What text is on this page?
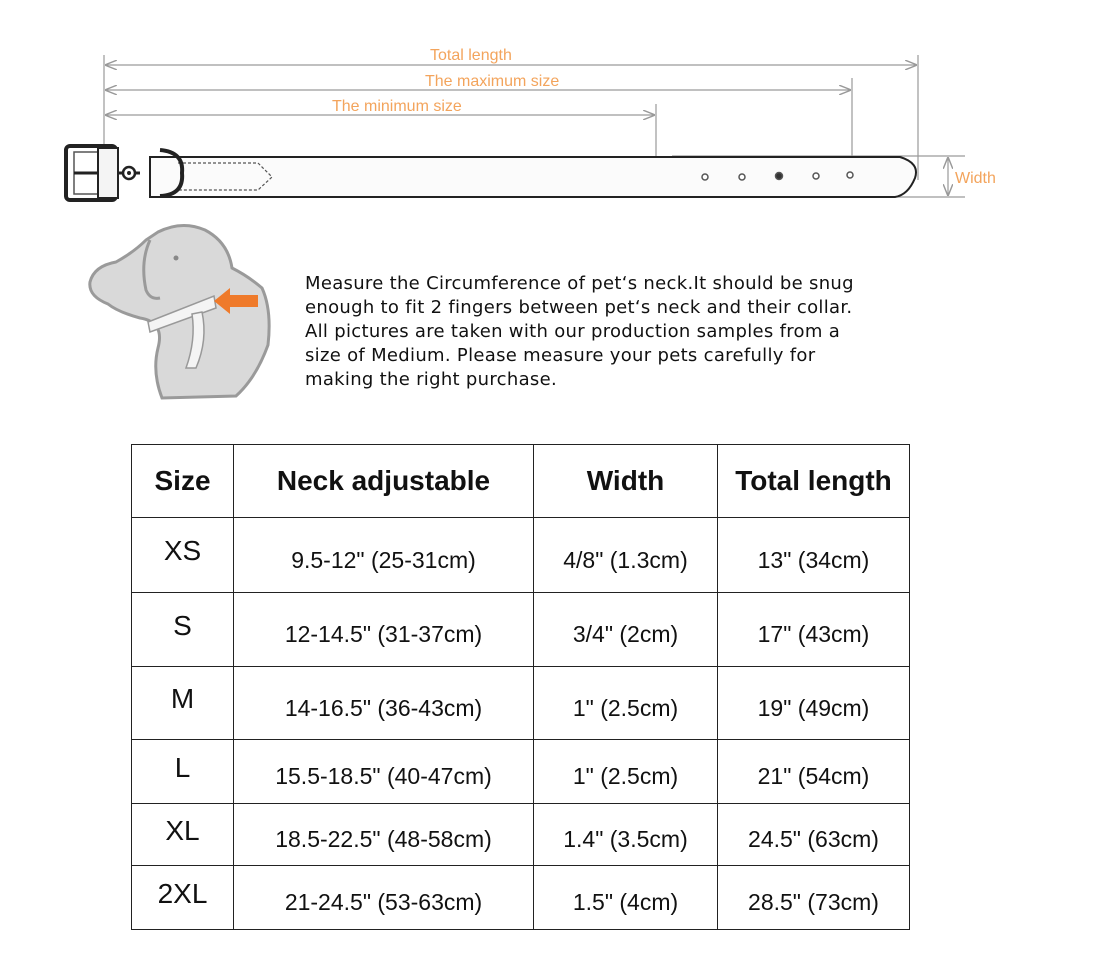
Total length
The maximum size
The minimum size
Width

Measure the Circumference of pet‘s neck.It should be snug
enough to fit 2 fingers between pet‘s neck and their collar.
All pictures are taken with our production samples from a
size of Medium. Please measure your pets carefully for
making the right purchase.

Size	Neck adjustable	Width	Total length
XS	9.5-12" (25-31cm)	4/8" (1.3cm)	13" (34cm)
S	12-14.5" (31-37cm)	3/4" (2cm)	17" (43cm)
M	14-16.5" (36-43cm)	1" (2.5cm)	19" (49cm)
L	15.5-18.5" (40-47cm)	1" (2.5cm)	21" (54cm)
XL	18.5-22.5" (48-58cm)	1.4" (3.5cm)	24.5" (63cm)
2XL	21-24.5" (53-63cm)	1.5" (4cm)	28.5" (73cm)
